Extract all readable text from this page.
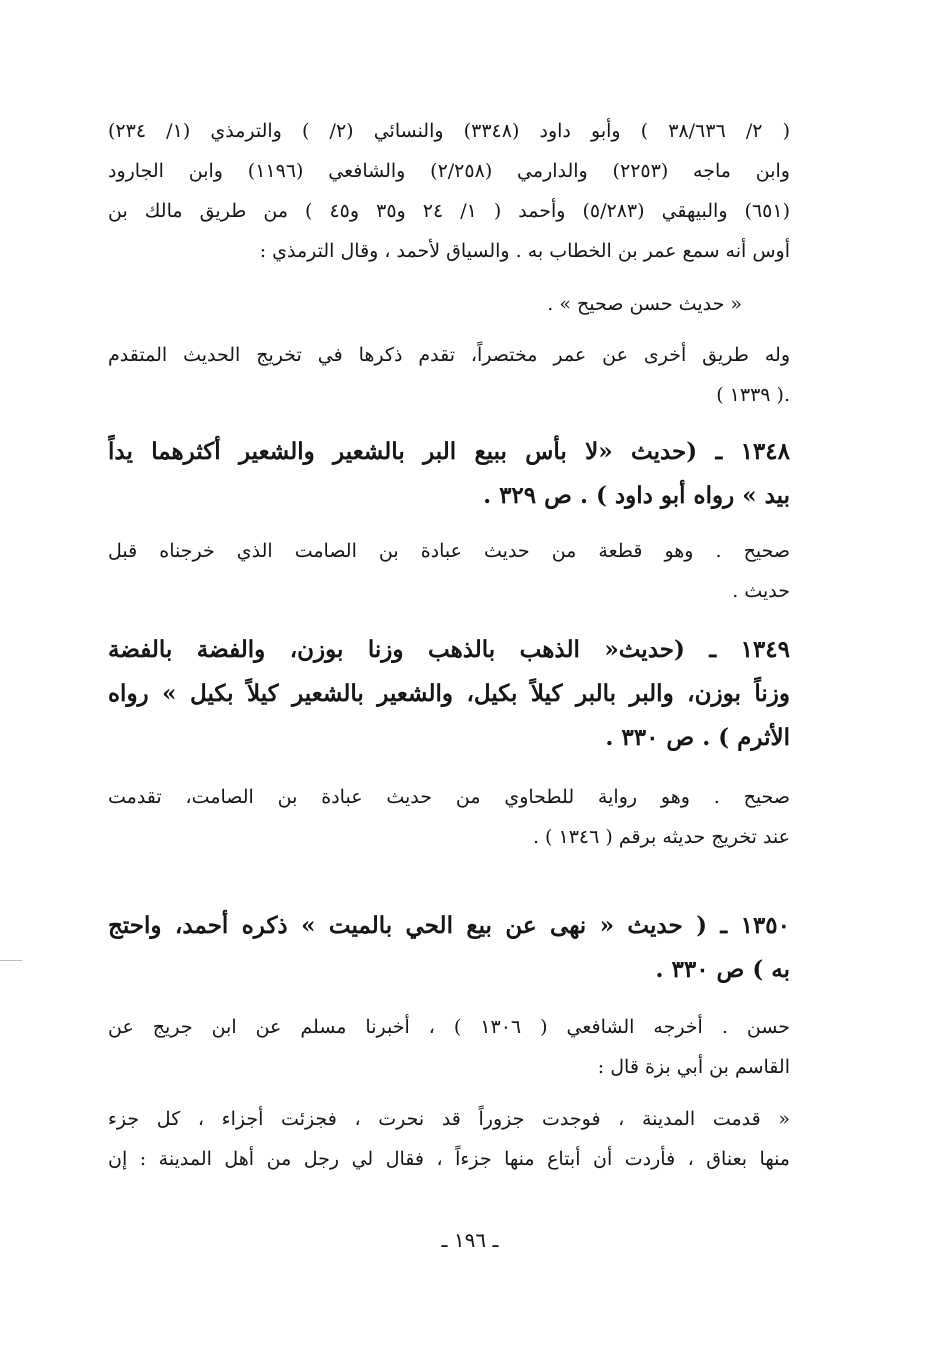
( ٢/ ٣٨/٦٣٦ ) وأبو داود (٣٣٤٨) والنسائي (٢/ ) والترمذي (١/ ٢٣٤)
وابن ماجه (٢٢٥٣) والدارمي (٢/٢٥٨) والشافعي (١١٩٦) وابن الجارود
(٦٥١) والبيهقي (٥/٢٨٣) وأحمد ( ١/ ٢٤ و٣٥ و٤٥ ) من طريق مالك بن
أوس أنه سمع عمر بن الخطاب به . والسياق لأحمد ، وقال الترمذي :
« حديث حسن صحيح » .
وله طريق أخرى عن عمر مختصراً، تقدم ذكرها في تخريج الحديث المتقدم
( ١٣٣٩ ).
١٣٤٨ ـ (حديث «لا بأس ببيع البر بالشعير والشعير أكثرهما يداً
بيد » رواه أبو داود ) . ص ٣٢٩ .
صحيح . وهو قطعة من حديث عبادة بن الصامت الذي خرجناه قبل
حديث .
١٣٤٩ ـ (حديث« الذهب بالذهب وزنا بوزن، والفضة بالفضة
وزناً بوزن، والبر بالبر كيلاً بكيل، والشعير بالشعير كيلاً بكيل » رواه
الأثرم ) . ص ٣٣٠ .
صحيح . وهو رواية للطحاوي من حديث عبادة بن الصامت، تقدمت
عند تخريج حديثه برقم ( ١٣٤٦ ) .
١٣٥٠ ـ ( حديث « نهى عن بيع الحي بالميت » ذكره أحمد، واحتج
به ) ص ٣٣٠ .
حسن . أخرجه الشافعي ( ١٣٠٦ ) ، أخبرنا مسلم عن ابن جريج عن
القاسم بن أبي بزة قال :
« قدمت المدينة ، فوجدت جزوراً قد نحرت ، فجزئت أجزاء ، كل جزء
منها بعناق ، فأردت أن أبتاع منها جزءاً ، فقال لي رجل من أهل المدينة : إن
ـ ١٩٦ ـ
